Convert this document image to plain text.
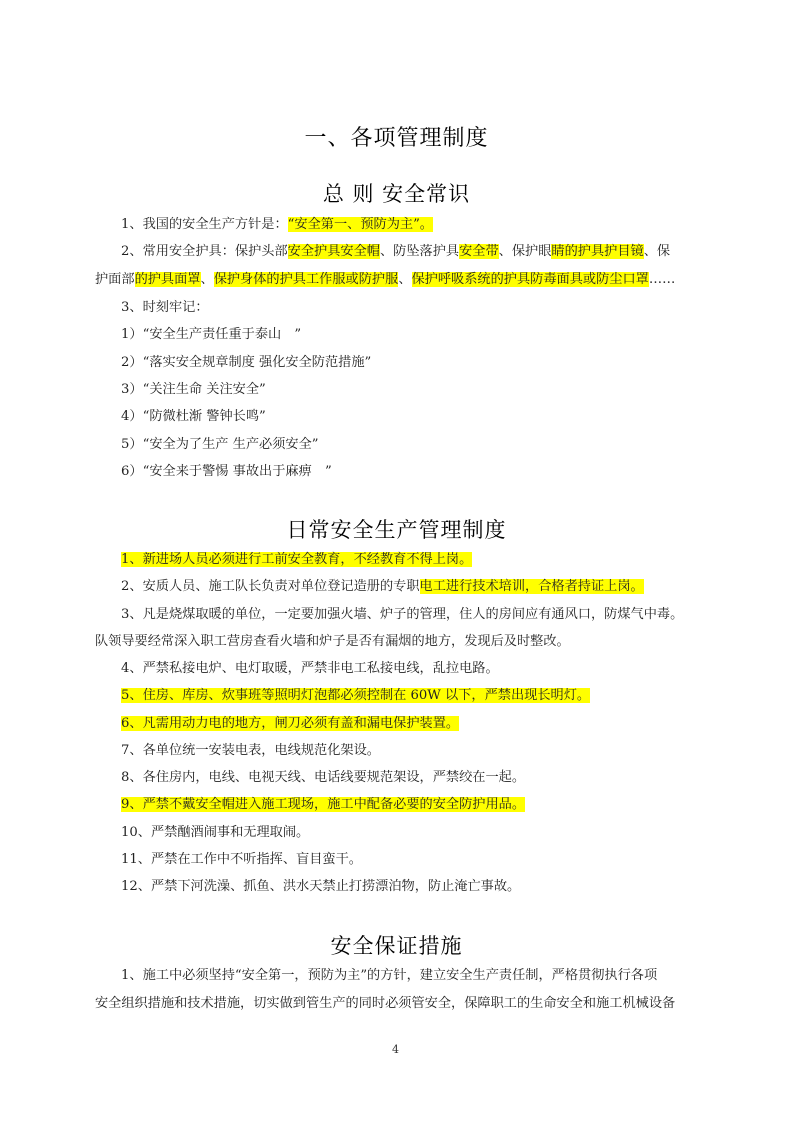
一、各项管理制度
总 则 安全常识
1、我国的安全生产方针是：“安全第一、预防为主”。
2、常用安全护具：保护头部安全护具安全帽、防坠落护具安全带、保护眼睛的护具护目镜、保
护面部的护具面罩、保护身体的护具工作服或防护服、保护呼吸系统的护具防毒面具或防尘口罩……
3、时刻牢记：
1）“安全生产责任重于泰山　”
2）“落实安全规章制度 强化安全防范措施”
3）“关注生命 关注安全”
4）“防微杜渐 警钟长鸣”
5）“安全为了生产 生产必须安全”
6）“安全来于警惕 事故出于麻痹　”
日常安全生产管理制度
1、新进场人员必须进行工前安全教育，不经教育不得上岗。
2、安质人员、施工队长负责对单位登记造册的专职电工进行技术培训，合格者持证上岗。
3、凡是烧煤取暖的单位，一定要加强火墙、炉子的管理，住人的房间应有通风口，防煤气中毒。
队领导要经常深入职工营房查看火墙和炉子是否有漏烟的地方，发现后及时整改。
4、严禁私接电炉、电灯取暖，严禁非电工私接电线，乱拉电路。
5、住房、库房、炊事班等照明灯泡都必须控制在 60W 以下，严禁出现长明灯。
6、凡需用动力电的地方，闸刀必须有盖和漏电保护装置。
7、各单位统一安装电表，电线规范化架设。
8、各住房内，电线、电视天线、电话线要规范架设，严禁绞在一起。
9、严禁不戴安全帽进入施工现场，施工中配备必要的安全防护用品。
10、严禁酗酒闹事和无理取闹。
11、严禁在工作中不听指挥、盲目蛮干。
12、严禁下河洗澡、抓鱼、洪水天禁止打捞漂泊物，防止淹亡事故。
安全保证措施
1、施工中必须坚持“安全第一，预防为主”的方针，建立安全生产责任制，严格贯彻执行各项
安全组织措施和技术措施，切实做到管生产的同时必须管安全，保障职工的生命安全和施工机械设备
4
